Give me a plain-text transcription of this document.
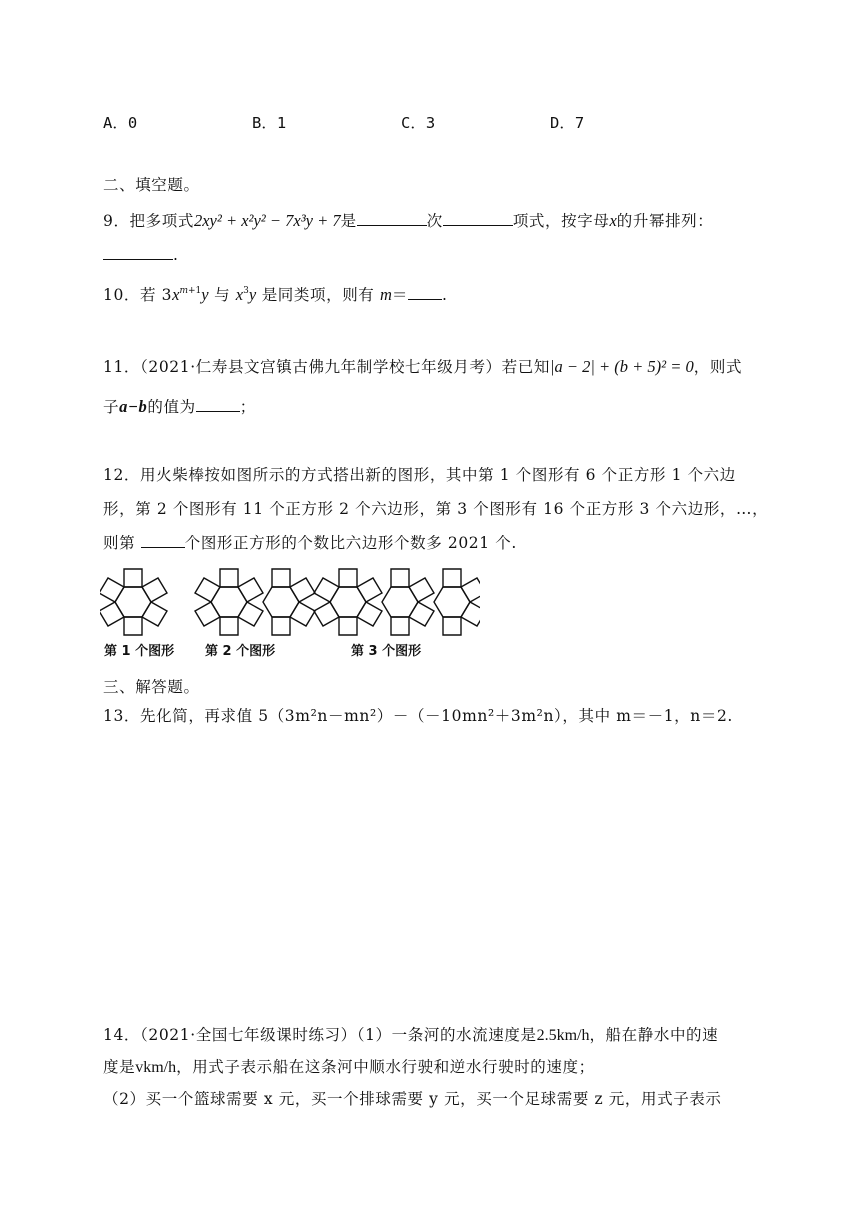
A．0	B．1	C．3	D．7
二、填空题。
9．把多项式2xy² + x²y² − 7x³y + 7是	次	项式，按字母x的升幂排列：
.
10．若 $3x^{m+1}y$ 与 $x^3y$ 是同类项，则有 m＝ .
11．（2021·仁寿县文宫镇古佛九年制学校七年级月考）若已知|a − 2| + (b + 5)² = 0，则式
子a−b的值为	；
12．用火柴棒按如图所示的方式搭出新的图形，其中第 1 个图形有 6 个正方形 1 个六边
形，第 2 个图形有 11 个正方形 2 个六边形，第 3 个图形有 16 个正方形 3 个六边形，…，
则第	个图形正方形的个数比六边形个数多 2021 个.
第 1 个图形 第 2 个图形	第 3 个图形
三、解答题。
13．先化简，再求值 5（3m²n－mn²）－（－10mn²＋3m²n），其中 m＝－1，n＝2.
14．（2021·全国七年级课时练习）（1）一条河的水流速度是2.5km/h，船在静水中的速
度是vkm/h，用式子表示船在这条河中顺水行驶和逆水行驶时的速度；
（2）买一个篮球需要 x 元，买一个排球需要 y 元，买一个足球需要 z 元，用式子表示
